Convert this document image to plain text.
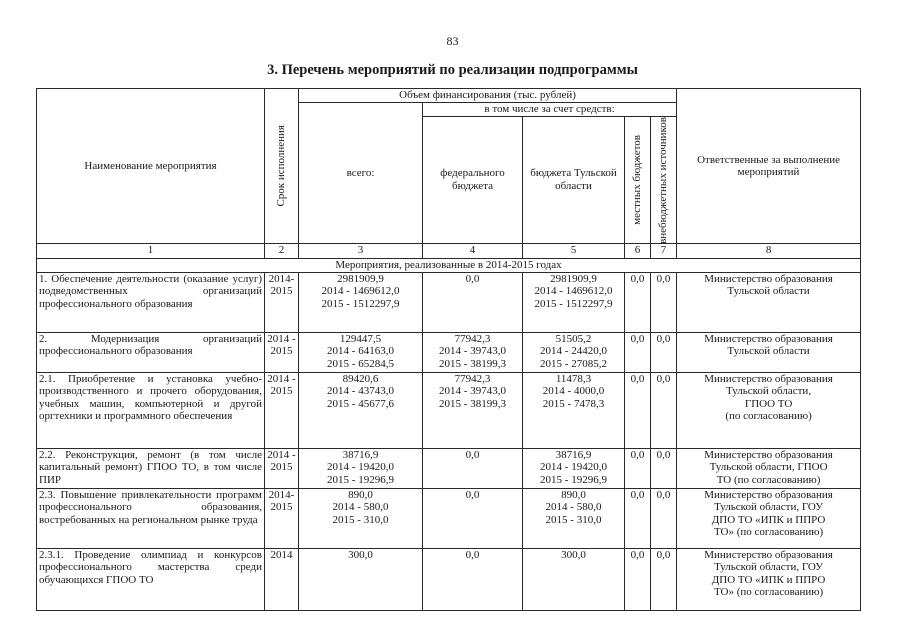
83
3. Перечень мероприятий по реализации подпрограммы
Наименование мероприятия	Срок исполнения	Объем финансирования (тыс. рублей)					Ответственные за выполнение мероприятий
		всего:	в том числе за счет средств:				
			федерального бюджета	бюджета Тульской области	местных бюджетов	внебюджетных источников	

1	2	3	4	5	6	7	8
Мероприятия, реализованные в 2014-2015 годах							
1. Обеспечение деятельности (оказание услуг) подведомственных организаций профессионального образования	2014-2015	2981909,9
2014 - 1469612,0
2015 - 1512297,9	0,0	2981909,9
2014 - 1469612,0
2015 - 1512297,9	0,0	0,0	Министерство образования
Тульской области

2. Модернизация организаций профессионального образования	2014 - 2015	129447,5
2014 - 64163,0
2015 - 65284,5	77942,3
2014 - 39743,0
2015 - 38199,3	51505,2
2014 - 24420,0
2015 - 27085,2	0,0	0,0	Министерство образования
Тульской области

2.1. Приобретение и установка учебно-производственного и прочего оборудования, учебных машин, компьютерной и другой оргтехники и программного обеспечения	2014 - 2015	89420,6
2014 - 43743,0
2015 - 45677,6	77942,3
2014 - 39743,0
2015 - 38199,3	11478,3
2014 - 4000,0
2015 - 7478,3	0,0	0,0	Министерство образования
Тульской области,
ГПОО ТО
(по согласованию)

2.2. Реконструкция, ремонт (в том числе капитальный ремонт) ГПОО ТО, в том числе ПИР	2014 - 2015	38716,9
2014 - 19420,0
2015 - 19296,9	0,0	38716,9
2014 - 19420,0
2015 - 19296,9	0,0	0,0	Министерство образования
Тульской области, ГПОО
ТО (по согласованию)

2.3. Повышение привлекательности программ профессионального образования, востребованных на региональном рынке труда	2014-2015	890,0
2014 - 580,0
2015 - 310,0	0,0	890,0
2014 - 580,0
2015 - 310,0	0,0	0,0	Министерство образования
Тульской области, ГОУ
ДПО ТО «ИПК и ППРО
ТО» (по согласованию)

2.3.1. Проведение олимпиад и конкурсов профессионального мастерства среди обучающихся ГПОО ТО	2014	300,0	0,0	300,0	0,0	0,0	Министерство образования
Тульской области, ГОУ
ДПО ТО «ИПК и ППРО
ТО» (по согласованию)
